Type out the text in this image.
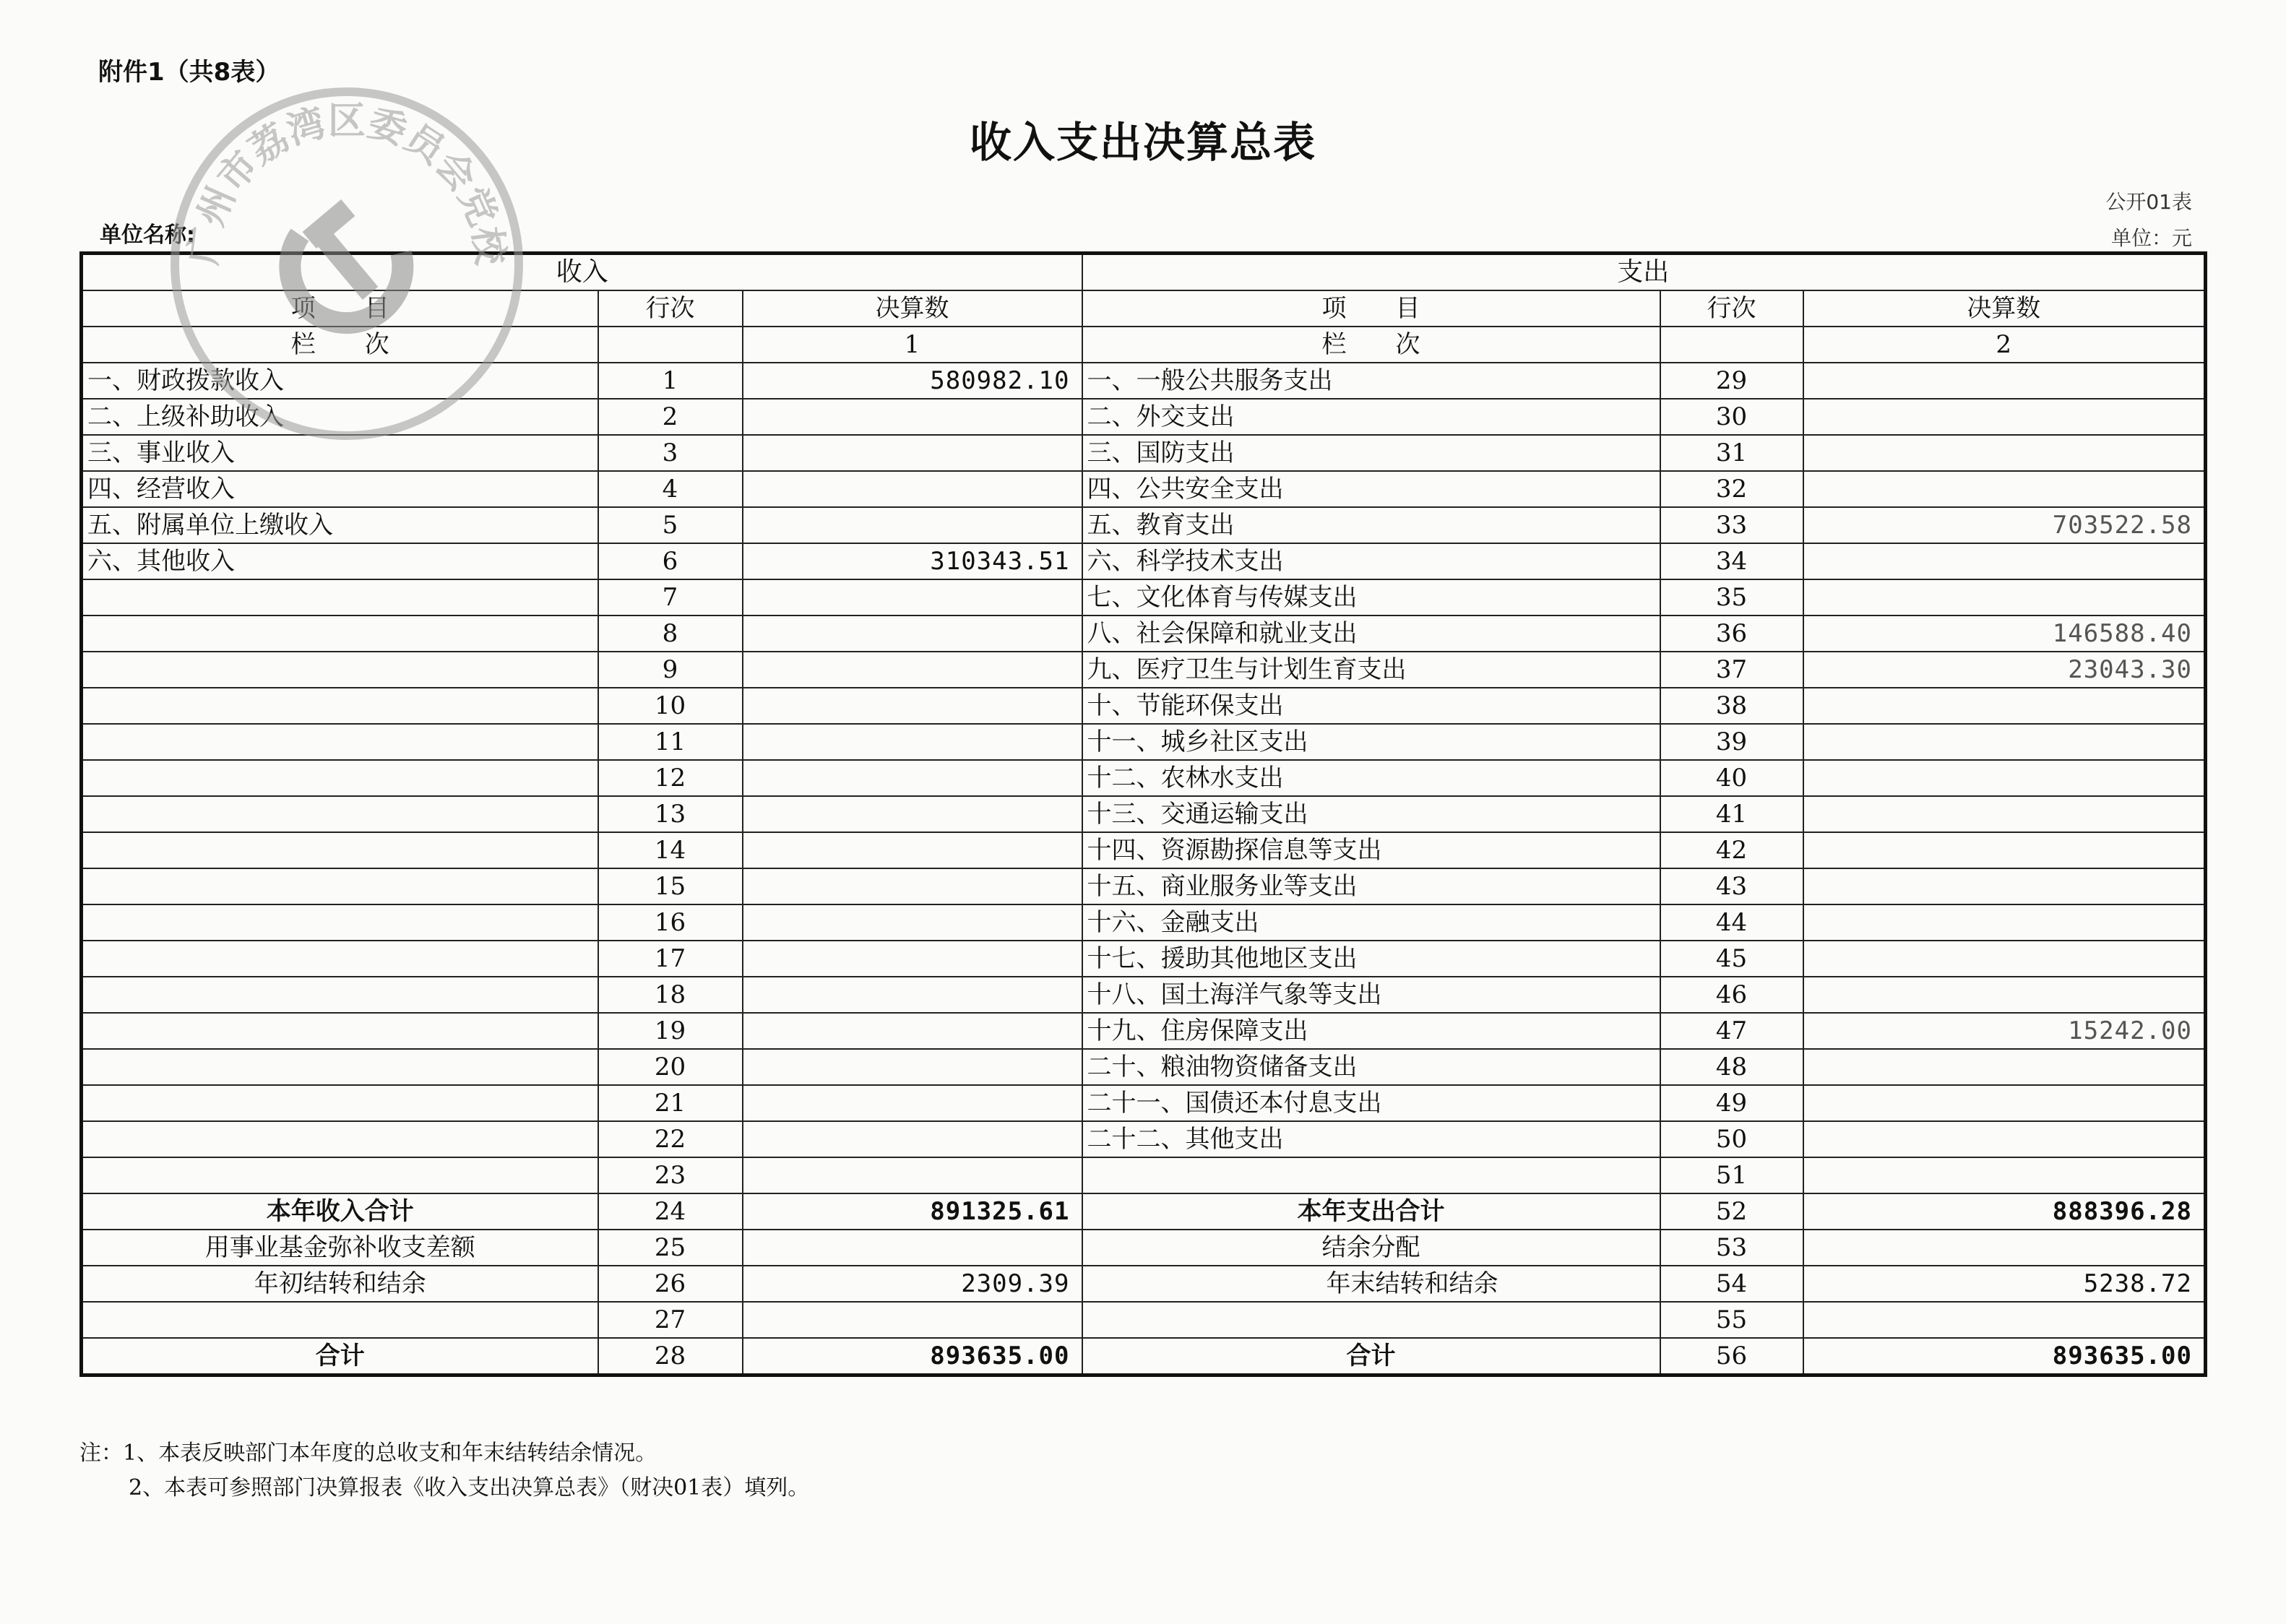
附件1（共8表）
收入支出决算总表
公开01表
单位：元
单位名称:
收入			支出		
项　　目	行次	决算数	项　　目	行次	决算数
栏　　次		1	栏　　次		2
一、财政拨款收入	1	580982.10	一、一般公共服务支出	29	
二、上级补助收入	2		二、外交支出	30	
三、事业收入	3		三、国防支出	31	
四、经营收入	4		四、公共安全支出	32	
五、附属单位上缴收入	5		五、教育支出	33	703522.58
六、其他收入	6	310343.51	六、科学技术支出	34	
	7		七、文化体育与传媒支出	35	
	8		八、社会保障和就业支出	36	146588.40
	9		九、医疗卫生与计划生育支出	37	23043.30
	10		十、节能环保支出	38	
	11		十一、城乡社区支出	39	
	12		十二、农林水支出	40	
	13		十三、交通运输支出	41	
	14		十四、资源勘探信息等支出	42	
	15		十五、商业服务业等支出	43	
	16		十六、金融支出	44	
	17		十七、援助其他地区支出	45	
	18		十八、国土海洋气象等支出	46	
	19		十九、住房保障支出	47	15242.00
	20		二十、粮油物资储备支出	48	
	21		二十一、国债还本付息支出	49	
	22		二十二、其他支出	50	
	23			51	
本年收入合计	24	891325.61	本年支出合计	52	888396.28
用事业基金弥补收支差额	25		结余分配	53	
年初结转和结余	26	2309.39	年末结转和结余	54	5238.72
	27			55	
合计	28	893635.00	合计	56	893635.00
广州市荔湾区委员会党校
注：1、本表反映部门本年度的总收支和年末结转结余情况。
2、本表可参照部门决算报表《收入支出决算总表》（财决01表）填列。
